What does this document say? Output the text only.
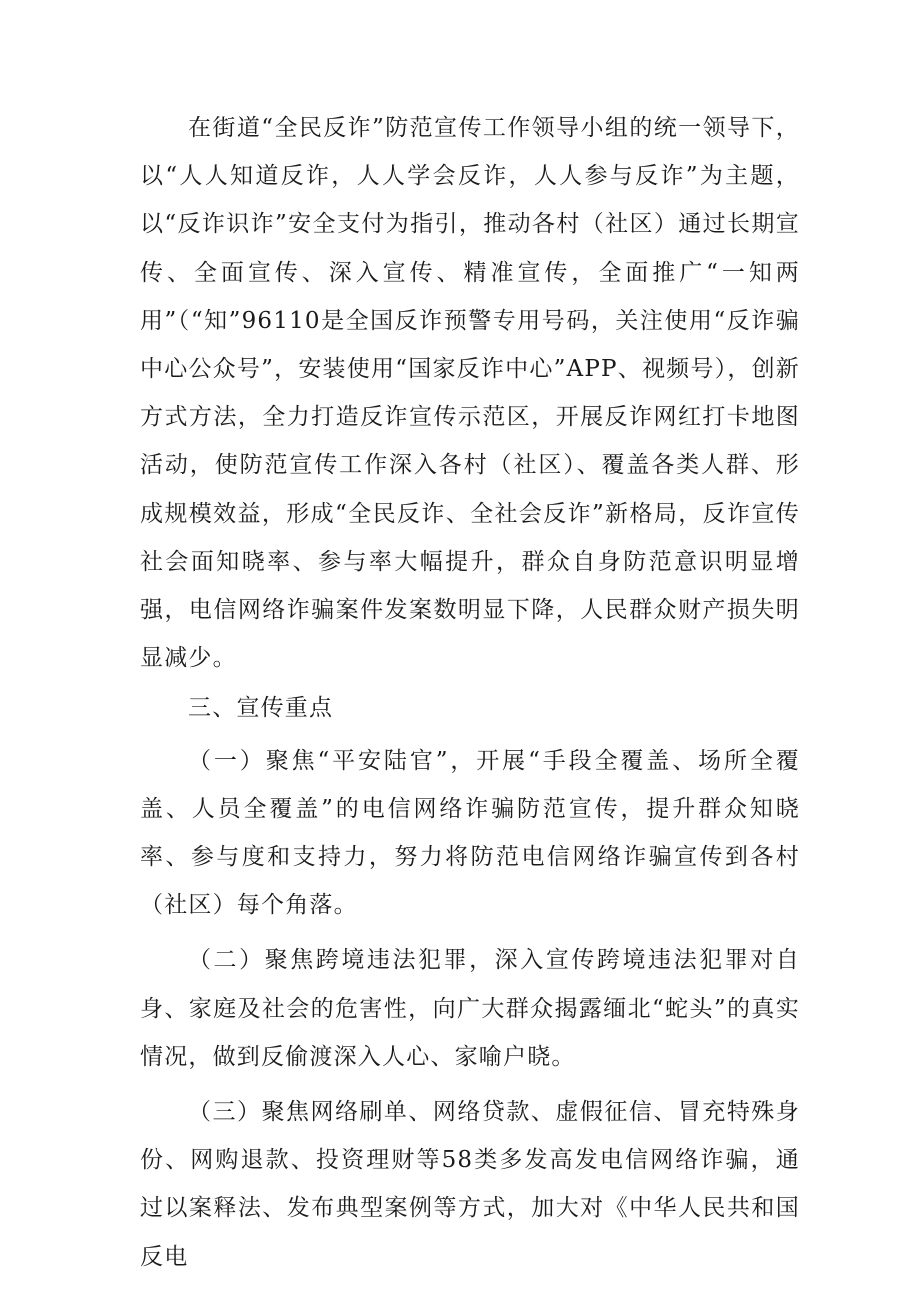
在街道“全民反诈”防范宣传工作领导小组的统一领导下，以“人人知道反诈，人人学会反诈，人人参与反诈”为主题，以“反诈识诈”安全支付为指引，推动各村（社区）通过长期宣传、全面宣传、深入宣传、精准宣传，全面推广“一知两用”（“知”96110是全国反诈预警专用号码，关注使用“反诈骗中心公众号”，安装使用“国家反诈中心”APP、视频号），创新方式方法，全力打造反诈宣传示范区，开展反诈网红打卡地图活动，使防范宣传工作深入各村（社区）、覆盖各类人群、形成规模效益，形成“全民反诈、全社会反诈”新格局，反诈宣传社会面知晓率、参与率大幅提升，群众自身防范意识明显增强，电信网络诈骗案件发案数明显下降，人民群众财产损失明显减少。

三、宣传重点

（一）聚焦“平安陆官”，开展“手段全覆盖、场所全覆盖、人员全覆盖”的电信网络诈骗防范宣传，提升群众知晓率、参与度和支持力，努力将防范电信网络诈骗宣传到各村（社区）每个角落。

（二）聚焦跨境违法犯罪，深入宣传跨境违法犯罪对自身、家庭及社会的危害性，向广大群众揭露缅北“蛇头”的真实情况，做到反偷渡深入人心、家喻户晓。

（三）聚焦网络刷单、网络贷款、虚假征信、冒充特殊身份、网购退款、投资理财等58类多发高发电信网络诈骗，通过以案释法、发布典型案例等方式，加大对《中华人民共和国反电
